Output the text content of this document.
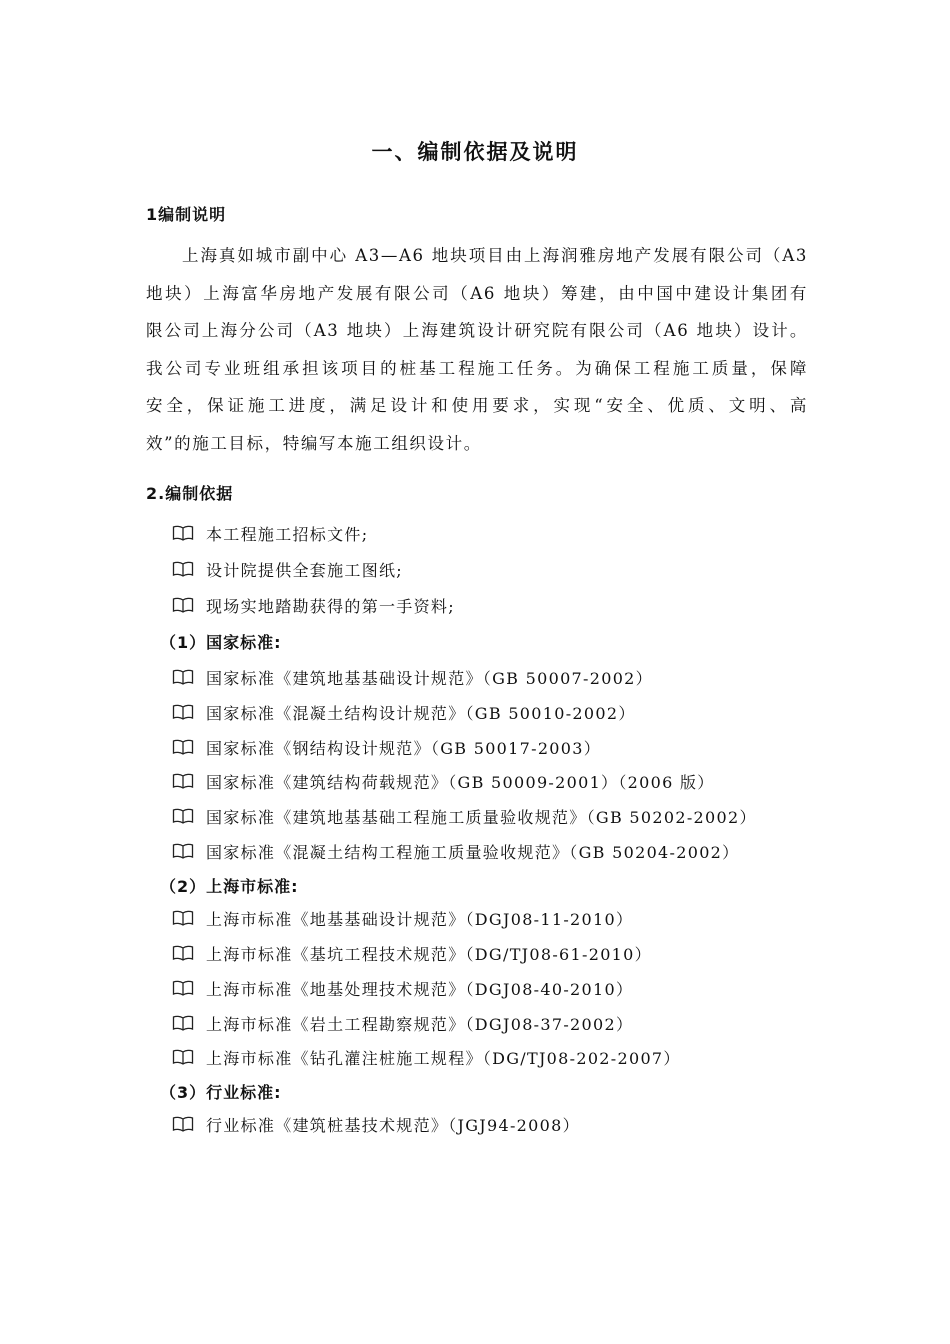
一、编制依据及说明
1编制说明
上海真如城市副中心 A3—A6 地块项目由上海润雅房地产发展有限公司（A3
地块）上海富华房地产发展有限公司（A6 地块）筹建，由中国中建设计集团有
限公司上海分公司（A3 地块）上海建筑设计研究院有限公司（A6 地块）设计。
我公司专业班组承担该项目的桩基工程施工任务。为确保工程施工质量，保障
安全，保证施工进度，满足设计和使用要求，实现“安全、优质、文明、高
效”的施工目标，特编写本施工组织设计。
2.编制依据
本工程施工招标文件;
设计院提供全套施工图纸;
现场实地踏勘获得的第一手资料;
（1）国家标准:
国家标准《建筑地基基础设计规范》（GB 50007-2002）
国家标准《混凝土结构设计规范》（GB 50010-2002）
国家标准《钢结构设计规范》（GB 50017-2003）
国家标准《建筑结构荷载规范》（GB 50009-2001）（2006 版）
国家标准《建筑地基基础工程施工质量验收规范》（GB 50202-2002）
国家标准《混凝土结构工程施工质量验收规范》（GB 50204-2002）
（2）上海市标准:
上海市标准《地基基础设计规范》（DGJ08-11-2010）
上海市标准《基坑工程技术规范》（DG/TJ08-61-2010）
上海市标准《地基处理技术规范》（DGJ08-40-2010）
上海市标准《岩土工程勘察规范》（DGJ08-37-2002）
上海市标准《钻孔灌注桩施工规程》（DG/TJ08-202-2007）
（3）行业标准:
行业标准《建筑桩基技术规范》（JGJ94-2008）
